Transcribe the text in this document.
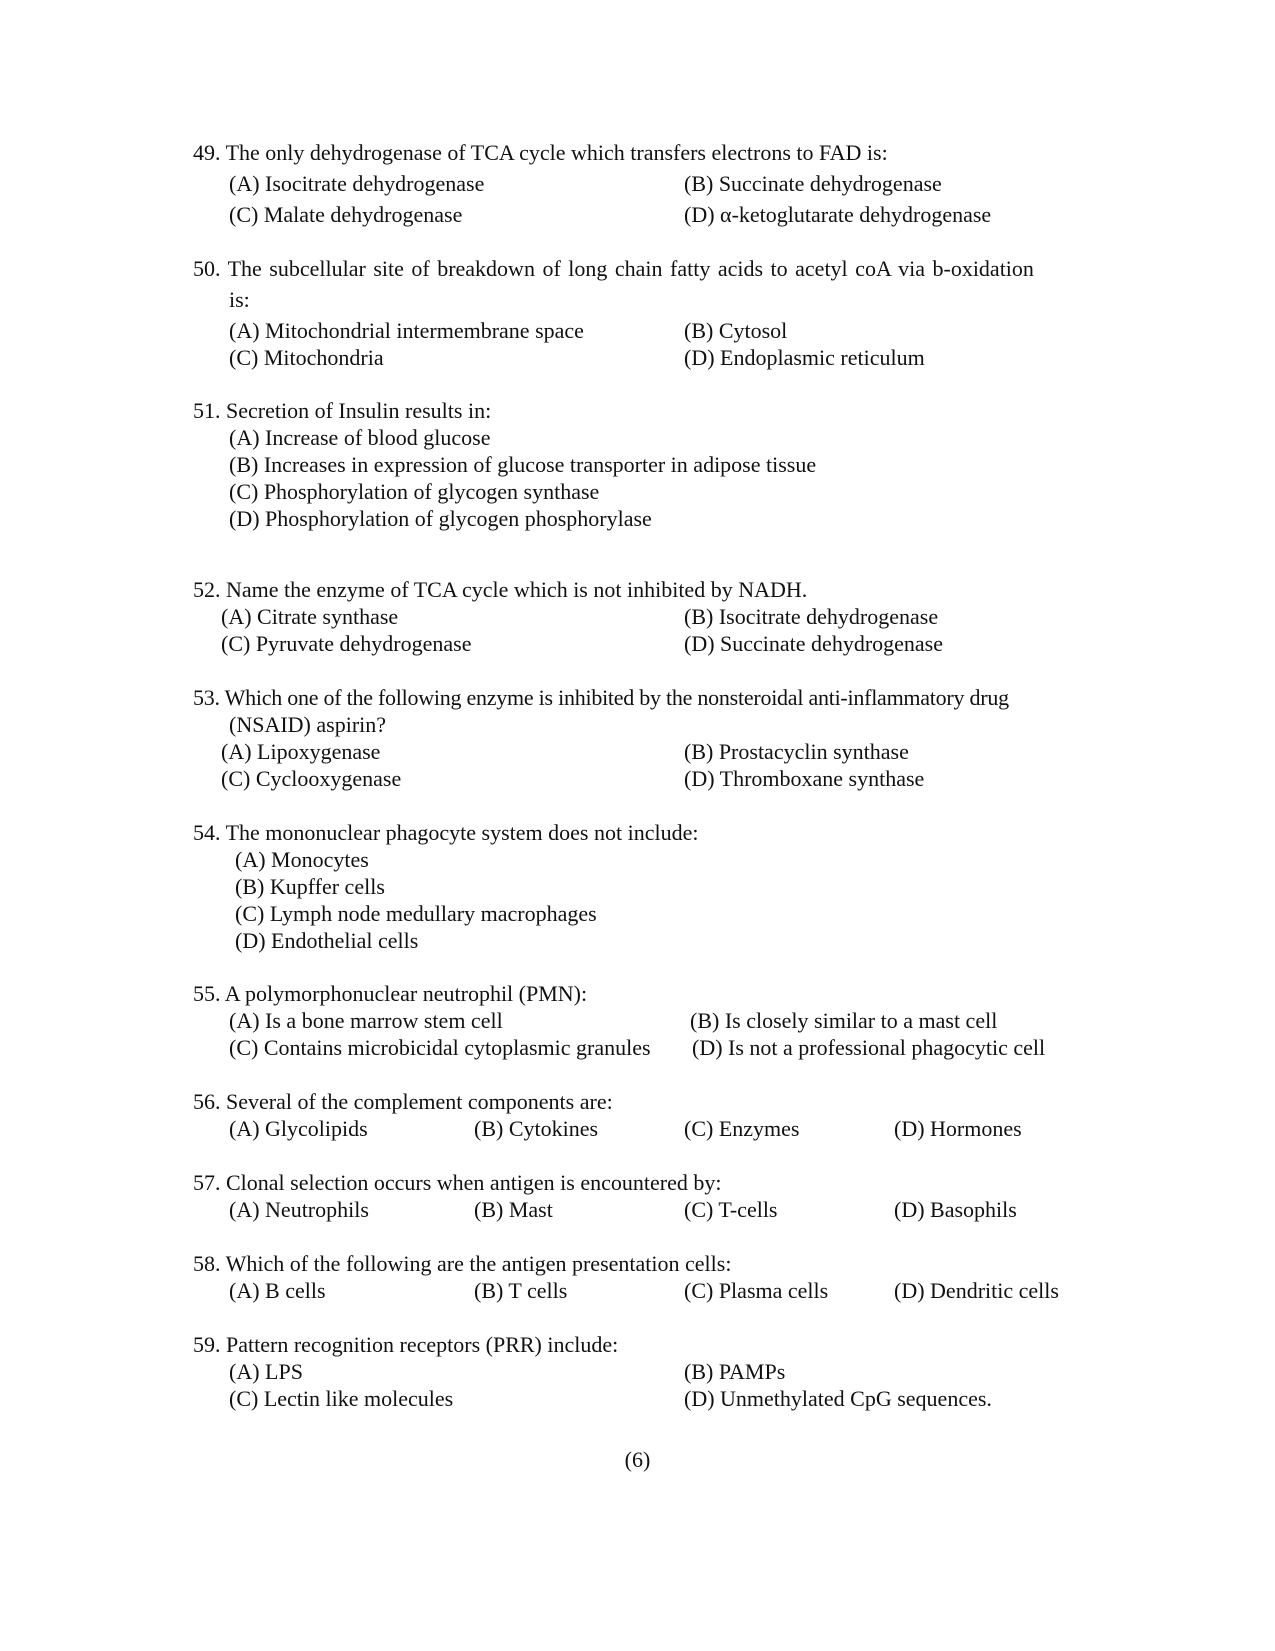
49. The only dehydrogenase of TCA cycle which transfers electrons to FAD is:
(A) Isocitrate dehydrogenase	(B) Succinate dehydrogenase
(C) Malate dehydrogenase	(D) α-ketoglutarate dehydrogenase
50. The subcellular site of breakdown of long chain fatty acids to acetyl coA via b-oxidation
is:
(A) Mitochondrial intermembrane space	(B) Cytosol
(C) Mitochondria	(D) Endoplasmic reticulum
51. Secretion of Insulin results in:
(A) Increase of blood glucose
(B) Increases in expression of glucose transporter in adipose tissue
(C) Phosphorylation of glycogen synthase
(D) Phosphorylation of glycogen phosphorylase
52. Name the enzyme of TCA cycle which is not inhibited by NADH.
(A) Citrate synthase	(B) Isocitrate dehydrogenase
(C) Pyruvate dehydrogenase	(D) Succinate dehydrogenase
53. Which one of the following enzyme is inhibited by the nonsteroidal anti-inflammatory drug
(NSAID) aspirin?
(A) Lipoxygenase	(B) Prostacyclin synthase
(C) Cyclooxygenase	(D) Thromboxane synthase
54. The mononuclear phagocyte system does not include:
(A) Monocytes
(B) Kupffer cells
(C) Lymph node medullary macrophages
(D) Endothelial cells
55. A polymorphonuclear neutrophil (PMN):
(A) Is a bone marrow stem cell	(B) Is closely similar to a mast cell
(C) Contains microbicidal cytoplasmic granules (D) Is not a professional phagocytic cell
56. Several of the complement components are:
(A) Glycolipids	(B) Cytokines	(C) Enzymes	(D) Hormones
57. Clonal selection occurs when antigen is encountered by:
(A) Neutrophils	(B) Mast	(C) T-cells	(D) Basophils
58. Which of the following are the antigen presentation cells:
(A) B cells	(B) T cells	(C) Plasma cells	(D) Dendritic cells
59. Pattern recognition receptors (PRR) include:
(A) LPS	(B) PAMPs
(C) Lectin like molecules	(D) Unmethylated CpG sequences.
(6)
